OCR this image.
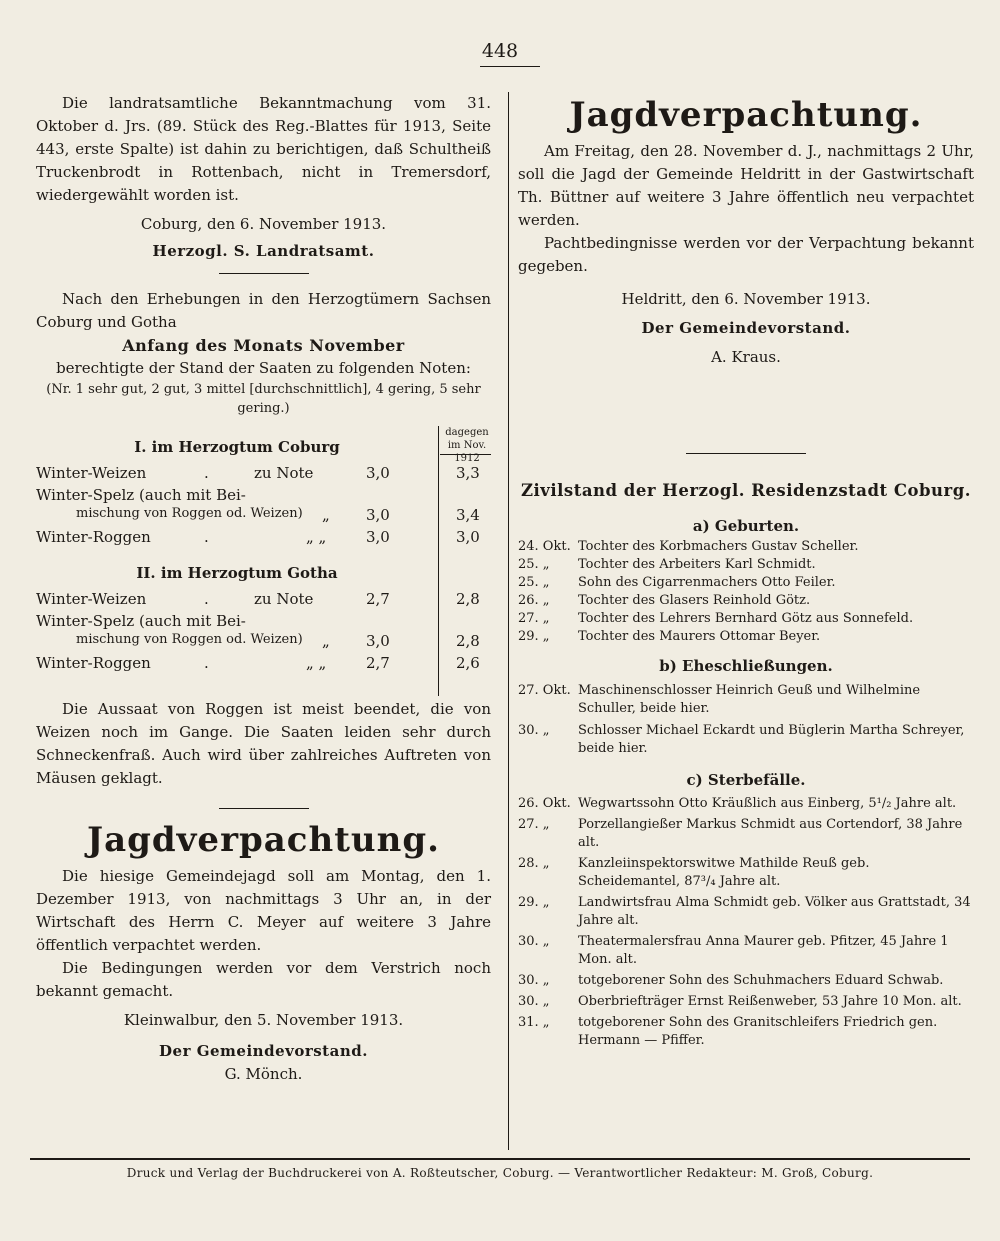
448

Die landratsamtliche Bekanntmachung vom 31. Oktober d. Jrs. (89. Stück des Reg.-Blattes für 1913, Seite 443, erste Spalte) ist dahin zu berichtigen, daß Schultheiß Truckenbrodt in Rottenbach, nicht in Tremersdorf, wiedergewählt worden ist.

Coburg, den 6. November 1913.

Herzogl. S. Landratsamt.

Nach den Erhebungen in den Herzogtümern Sachsen Coburg und Gotha

Anfang des Monats November

berechtigte der Stand der Saaten zu folgenden Noten:

(Nr. 1 sehr gut, 2 gut, 3 mittel [durchschnittlich], 4 gering, 5 sehr gering.)

dagegen im Nov. 1912
I. im Herzogtum Coburg
Winter-Weizen	.	zu Note	3,0	3,3
Winter-Spelz (auch mit Bei-
mischung von Roggen od. Weizen) „ 3,0	3,4
Winter-Roggen	.	„ „	3,0	3,0
II. im Herzogtum Gotha
Winter-Weizen	.	zu Note	2,7	2,8
Winter-Spelz (auch mit Bei-
mischung von Roggen od. Weizen) „ 3,0	2,8
Winter-Roggen	.	„ „	2,7	2,6

Die Aussaat von Roggen ist meist beendet, die von Weizen noch im Gange. Die Saaten leiden sehr durch Schneckenfraß. Auch wird über zahlreiches Auftreten von Mäusen geklagt.

Jagdverpachtung.

Die hiesige Gemeindejagd soll am Montag, den 1. Dezember 1913, von nachmittags 3 Uhr an, in der Wirtschaft des Herrn C. Meyer auf weitere 3 Jahre öffentlich verpachtet werden.

Die Bedingungen werden vor dem Verstrich noch bekannt gemacht.

Kleinwalbur, den 5. November 1913.

Der Gemeindevorstand.

G. Mönch.

Jagdverpachtung.

Am Freitag, den 28. November d. J., nachmittags 2 Uhr, soll die Jagd der Gemeinde Heldritt in der Gastwirtschaft Th. Büttner auf weitere 3 Jahre öffentlich neu verpachtet werden.

Pachtbedingnisse werden vor der Verpachtung bekannt gegeben.

Heldritt, den 6. November 1913.

Der Gemeindevorstand.

A. Kraus.

Zivilstand der Herzogl. Residenzstadt Coburg.

a) Geburten.

24. Okt. Tochter des Korbmachers Gustav Scheller.
25. „	Tochter des Arbeiters Karl Schmidt.
25. „	Sohn des Cigarrenmachers Otto Feiler.
26. „	Tochter des Glasers Reinhold Götz.
27. „	Tochter des Lehrers Bernhard Götz aus Sonnefeld.
29. „	Tochter des Maurers Ottomar Beyer.

b) Eheschließungen.

27. Okt. Maschinenschlosser Heinrich Geuß und Wilhelmine Schuller, beide hier.
30. „	Schlosser Michael Eckardt und Büglerin Martha Schreyer, beide hier.

c) Sterbefälle.

26. Okt. Wegwartssohn Otto Kräußlich aus Einberg, 5¹/₂ Jahre alt.
27. „	Porzellangießer Markus Schmidt aus Cortendorf, 38 Jahre alt.
28. „	Kanzleiinspektorswitwe Mathilde Reuß geb. Scheidemantel, 87³/₄ Jahre alt.
29. „	Landwirtsfrau Alma Schmidt geb. Völker aus Grattstadt, 34 Jahre alt.
30. „	Theatermalersfrau Anna Maurer geb. Pfitzer, 45 Jahre 1 Mon. alt.
30. „	totgeborener Sohn des Schuhmachers Eduard Schwab.
30. „	Oberbriefträger Ernst Reißenweber, 53 Jahre 10 Mon. alt.
31. „	totgeborener Sohn des Granitschleifers Friedrich gen. Hermann — Pfiffer.
Druck und Verlag der Buchdruckerei von A. Roßteutscher, Coburg. — Verantwortlicher Redakteur: M. Groß, Coburg.
